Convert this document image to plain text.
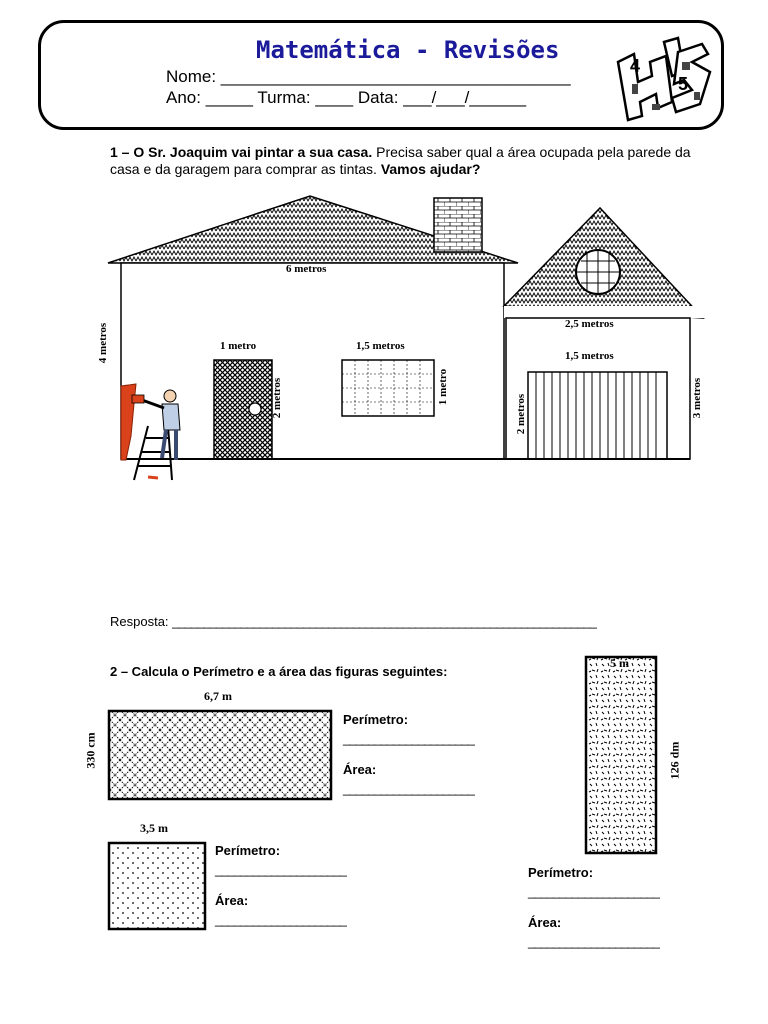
Matemática - Revisões
Nome: _____________________________________
Ano: _____ Turma: ____ Data: ___/___/______
4
5
1 – O Sr. Joaquim vai pintar a sua casa. Precisa saber qual a área ocupada pela parede da casa e da garagem para comprar as tintas. Vamos ajudar?
6 metros
4 metros	1 metro
2 metros
1,5 metros
1 metro
2,5 metros
1,5 metros
2 metros	3 metros
Resposta: ____________________________________________________________________
2 – Calcula o Perímetro e a área das figuras seguintes:
6,7 m
330 cm
3,5 m
5 m
126 dm
Perímetro:
_____________________
Área:
_____________________
Perímetro:
_____________________
Área:
_____________________
Perímetro:
_____________________
Área:
_____________________
